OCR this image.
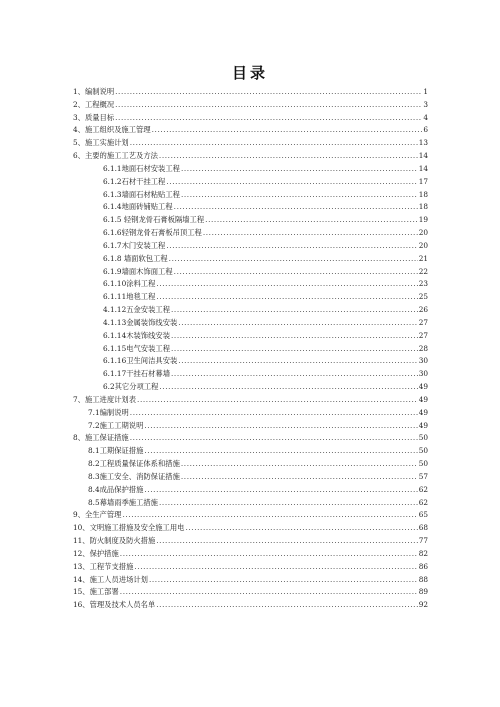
目录
1、编制说明 .....	1
2、工程概况 .....	3
3、质量目标 .....	4
4、施工组织及施工管理 .....	6
5、施工实施计划 .....	13
6、主要的施工工艺及方法 .....	14
6.1.1地面石材安装工程 .....	14
6.1.2石材干挂工程 .....	17
6.1.3墙面石材粘贴工程 .....	18
6.1.4地面砖铺贴工程 .....	18
6.1.5 轻钢龙骨石膏板隔墙工程 .....	19
6.1.6轻钢龙骨石膏板吊顶工程 .....	20
6.1.7木门安装工程 .....	20
6.1.8 墙面软包工程 .....	21
6.1.9墙面木饰面工程 .....	22
6.1.10涂料工程 .....	23
6.1.11地毯工程 .....	25
4.1.12五金安装工程 .....	26
4.1.13金属装饰线安装 .....	27
6.1.14木装饰线安装 .....	27
6.1.15电气安装工程 .....	28
6.1.16卫生间洁具安装 .....	30
6.1.17干挂石材幕墙 .....	30
6.2其它分项工程 .....	49
7、施工进度计划表 .....	49
7.1编制说明 .....	49
7.2施工工期说明 .....	49
8、施工保证措施 .....	50
8.1工期保证措施 .....	50
8.2工程质量保证体系和措施 .....	50
8.3施工安全、消防保证措施 .....	57
8.4成品保护措施 .....	62
8.5幕墙雨季施工措施 .....	62
9、全生产管理 .....	65
10、文明施工措施及安全施工用电 .....	68
11、防火制度及防火措施 .....	77
12、保护措施 .....	82
13、工程节支措施 .....	86
14、施工人员进场计划 .....	88
15、施工部署 .....	89
16、管理及技术人员名单 .....	92
